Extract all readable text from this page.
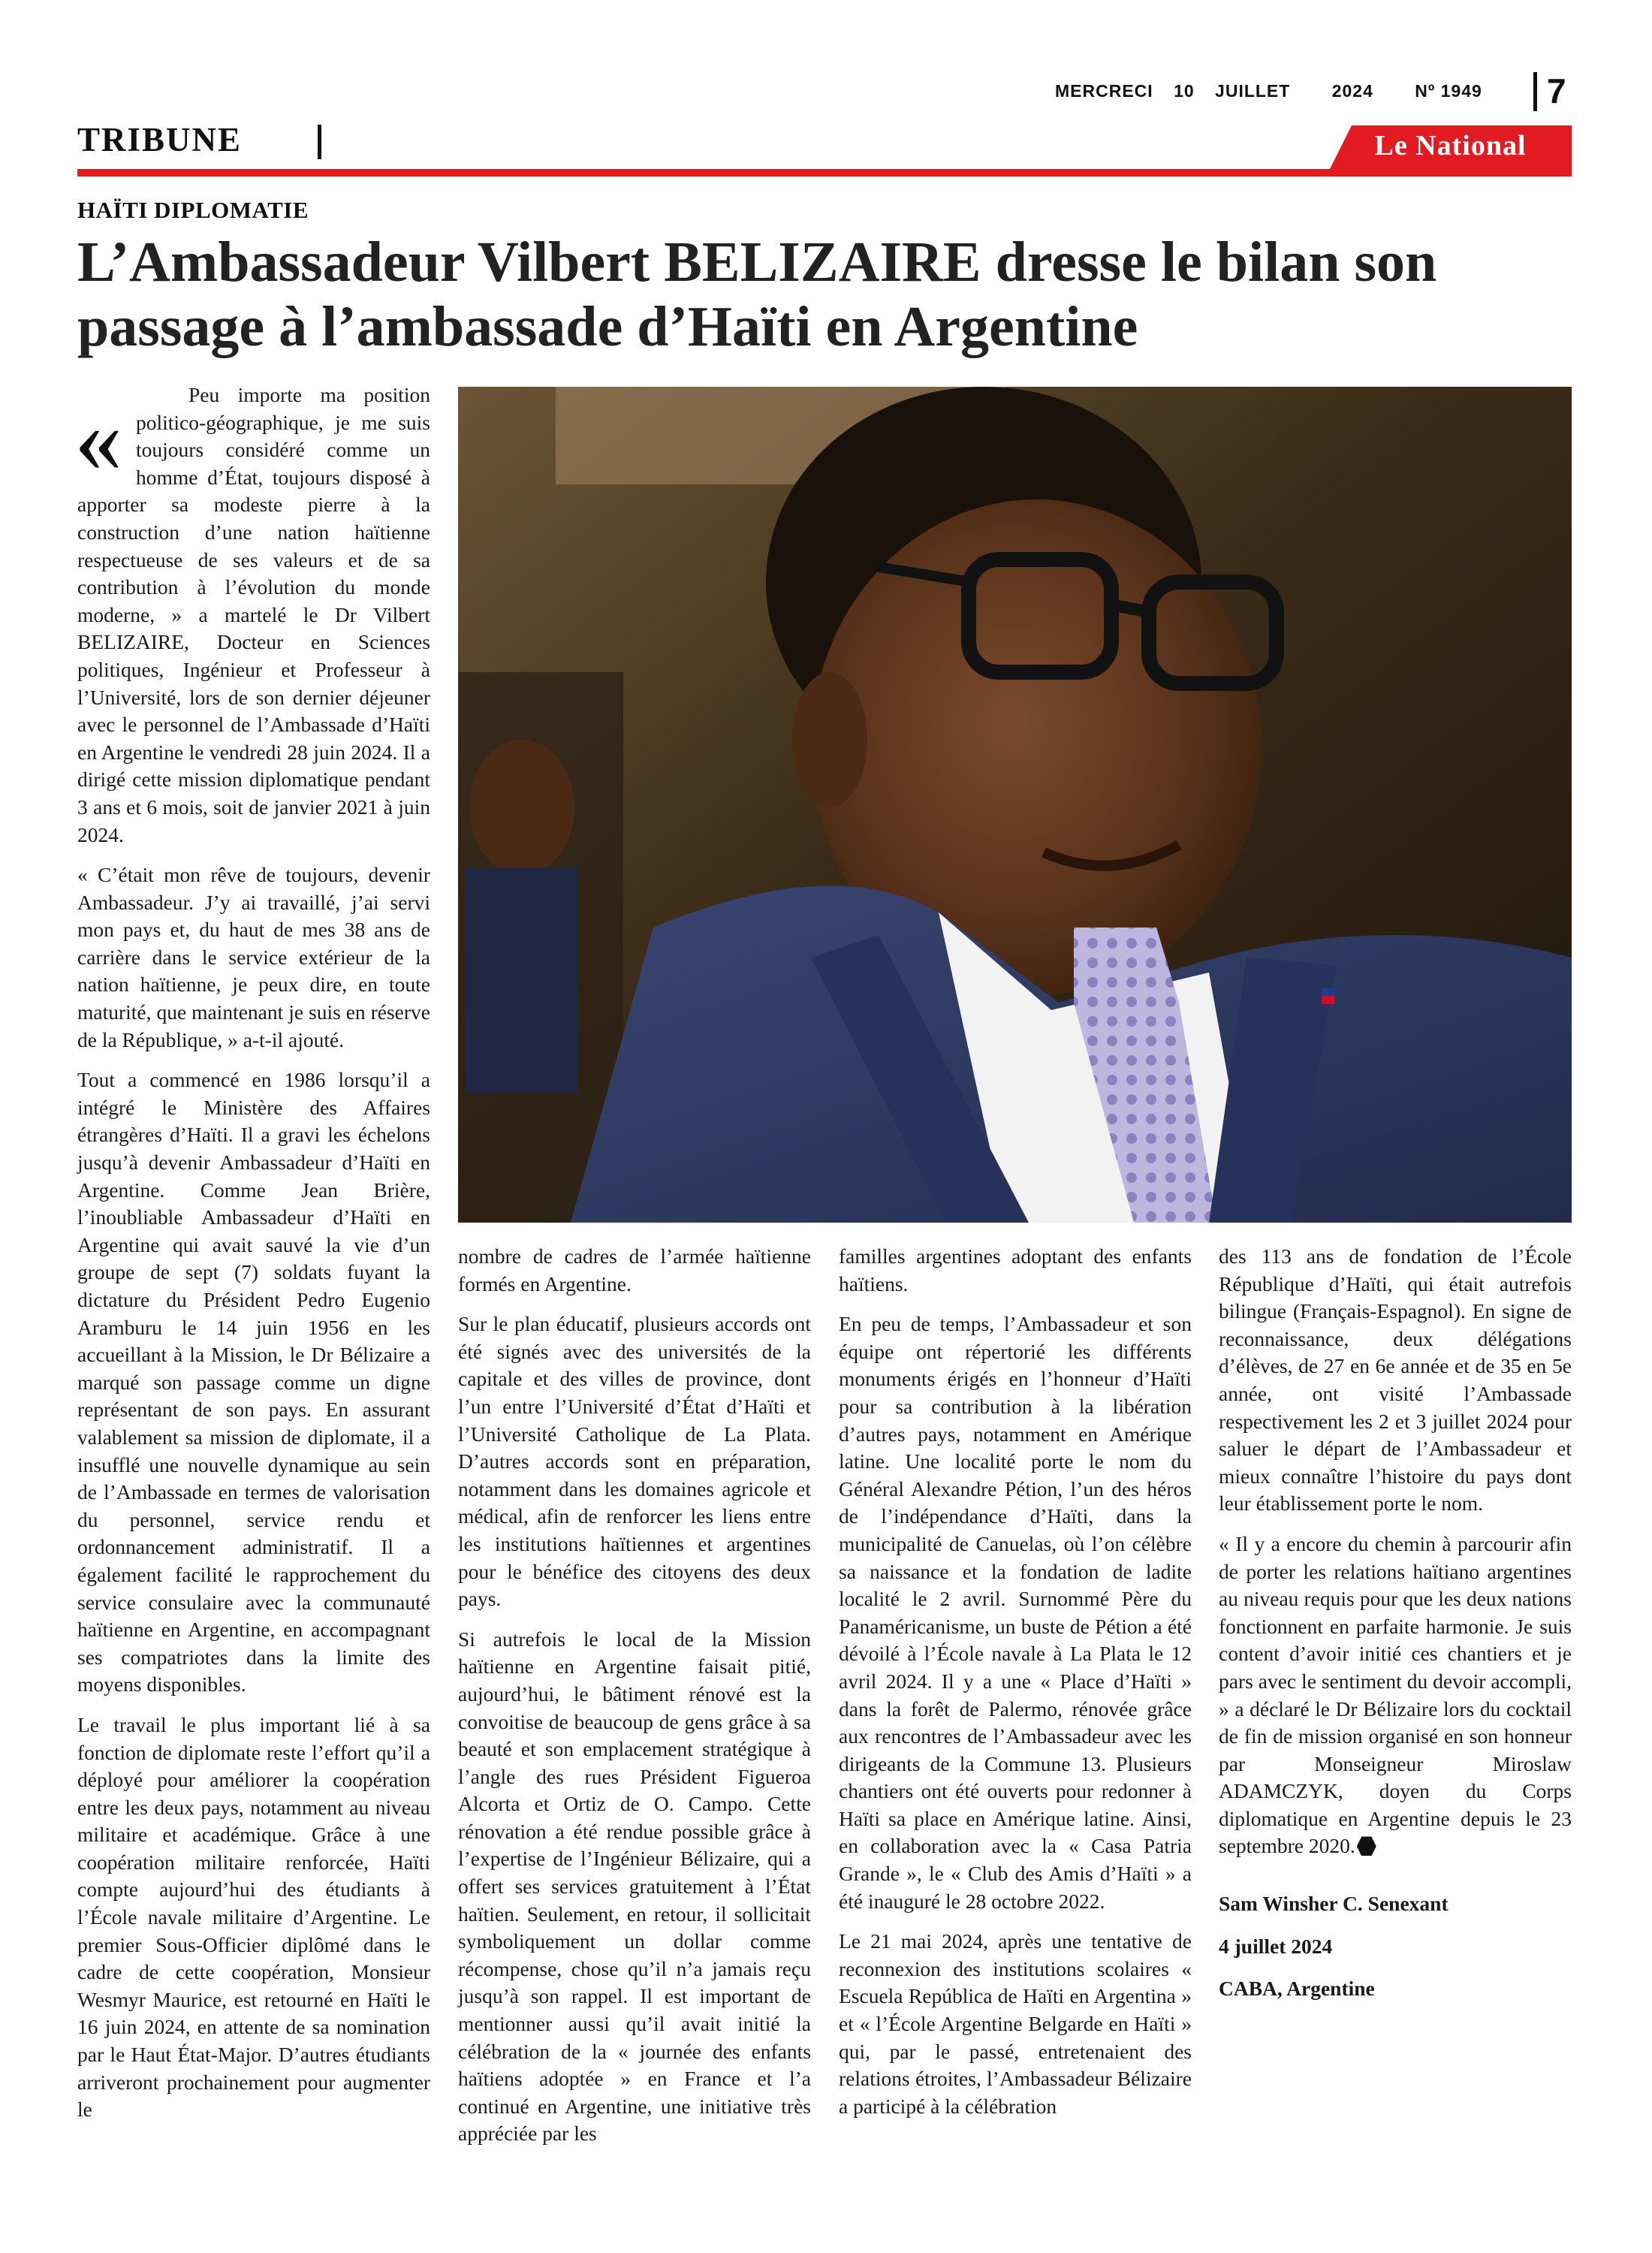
MERCRECI 10 JUILLET 2024 Nº 1949	7
TRIBUNE	Le National
HAÏTI DIPLOMATIE
L’Ambassadeur Vilbert BELIZAIRE dresse le bilan son
passage à l’ambassade d’Haïti en Argentine

«	Peu importe ma position politico-géographique, je me suis toujours considéré comme un homme d’État, toujours disposé à apporter sa modeste pierre à la construction d’une nation haïtienne respectueuse de ses valeurs et de sa contribution à l’évolution du monde moderne, » a martelé le Dr Vilbert BELIZAIRE, Docteur en Sciences politiques, Ingénieur et Professeur à l’Université, lors de son dernier déjeuner avec le personnel de l’Ambassade d’Haïti en Argentine le vendredi 28 juin 2024. Il a dirigé cette mission diplomatique pendant 3 ans et 6 mois, soit de janvier 2021 à juin 2024.

« C’était mon rêve de toujours, devenir Ambassadeur. J’y ai travaillé, j’ai servi mon pays et, du haut de mes 38 ans de carrière dans le service extérieur de la nation haïtienne, je peux dire, en toute maturité, que maintenant je suis en réserve de la République, » a-t-il ajouté.

Tout a commencé en 1986 lorsqu’il a intégré le Ministère des Affaires étrangères d’Haïti. Il a gravi les échelons jusqu’à devenir Ambassadeur d’Haïti en Argentine. Comme Jean Brière, l’inoubliable Ambassadeur d’Haïti en Argentine qui avait sauvé la vie d’un groupe de sept (7) soldats fuyant la dictature du Président Pedro Eugenio Aramburu le 14 juin 1956 en les accueillant à la Mission, le Dr Bélizaire a marqué son passage comme un digne représentant de son pays. En assurant valablement sa mission de diplomate, il a insufflé une nouvelle dynamique au sein de l’Ambassade en termes de valorisation du personnel, service rendu et ordonnancement administratif. Il a également facilité le rapprochement du service consulaire avec la communauté haïtienne en Argentine, en accompagnant ses compatriotes dans la limite des moyens disponibles.

Le travail le plus important lié à sa fonction de diplomate reste l’effort qu’il a déployé pour améliorer la coopération entre les deux pays, notamment au niveau militaire et académique. Grâce à une coopération militaire renforcée, Haïti compte aujourd’hui des étudiants à l’École navale militaire d’Argentine. Le premier Sous-Officier diplômé dans le cadre de cette coopération, Monsieur Wesmyr Maurice, est retourné en Haïti le 16 juin 2024, en attente de sa nomination par le Haut État-Major. D’autres étudiants arriveront prochainement pour augmenter le

nombre de cadres de l’armée haïtienne formés en Argentine.

Sur le plan éducatif, plusieurs accords ont été signés avec des universités de la capitale et des villes de province, dont l’un entre l’Université d’État d’Haïti et l’Université Catholique de La Plata. D’autres accords sont en préparation, notamment dans les domaines agricole et médical, afin de renforcer les liens entre les institutions haïtiennes et argentines pour le bénéfice des citoyens des deux pays.

Si autrefois le local de la Mission haïtienne en Argentine faisait pitié, aujourd’hui, le bâtiment rénové est la convoitise de beaucoup de gens grâce à sa beauté et son emplacement stratégique à l’angle des rues Président Figueroa Alcorta et Ortiz de O. Campo. Cette rénovation a été rendue possible grâce à l’expertise de l’Ingénieur Bélizaire, qui a offert ses services gratuitement à l’État haïtien. Seulement, en retour, il sollicitait symboliquement un dollar comme récompense, chose qu’il n’a jamais reçu jusqu’à son rappel. Il est important de mentionner aussi qu’il avait initié la célébration de la « journée des enfants haïtiens adoptée » en France et l’a continué en Argentine, une initiative très appréciée par les

familles argentines adoptant des enfants haïtiens.

En peu de temps, l’Ambassadeur et son équipe ont répertorié les différents monuments érigés en l’honneur d’Haïti pour sa contribution à la libération d’autres pays, notamment en Amérique latine. Une localité porte le nom du Général Alexandre Pétion, l’un des héros de l’indépendance d’Haïti, dans la municipalité de Canuelas, où l’on célèbre sa naissance et la fondation de ladite localité le 2 avril. Surnommé Père du Panaméricanisme, un buste de Pétion a été dévoilé à l’École navale à La Plata le 12 avril 2024. Il y a une « Place d’Haïti » dans la forêt de Palermo, rénovée grâce aux rencontres de l’Ambassadeur avec les dirigeants de la Commune 13. Plusieurs chantiers ont été ouverts pour redonner à Haïti sa place en Amérique latine. Ainsi, en collaboration avec la « Casa Patria Grande », le « Club des Amis d’Haïti » a été inauguré le 28 octobre 2022.

Le 21 mai 2024, après une tentative de reconnexion des institutions scolaires « Escuela República de Haïti en Argentina » et « l’École Argentine Belgarde en Haïti » qui, par le passé, entretenaient des relations étroites, l’Ambassadeur Bélizaire a participé à la célébration

des 113 ans de fondation de l’École République d’Haïti, qui était autrefois bilingue (Français-Espagnol). En signe de reconnaissance, deux délégations d’élèves, de 27 en 6e année et de 35 en 5e année, ont visité l’Ambassade respectivement les 2 et 3 juillet 2024 pour saluer le départ de l’Ambassadeur et mieux connaître l’histoire du pays dont leur établissement porte le nom.

« Il y a encore du chemin à parcourir afin de porter les relations haïtiano argentines au niveau requis pour que les deux nations fonctionnent en parfaite harmonie. Je suis content d’avoir initié ces chantiers et je pars avec le sentiment du devoir accompli, » a déclaré le Dr Bélizaire lors du cocktail de fin de mission organisé en son honneur par Monseigneur Miroslaw ADAMCZYK, doyen du Corps diplomatique en Argentine depuis le 23 septembre 2020.

Sam Winsher C. Senexant

4 juillet 2024

CABA, Argentine
